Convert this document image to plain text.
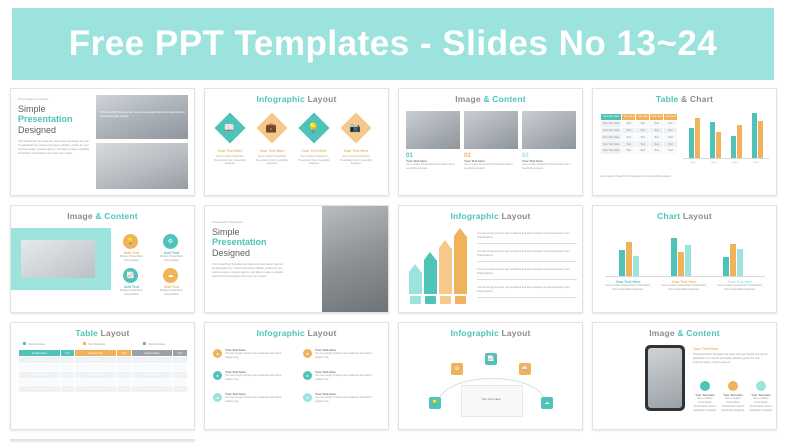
Free PPT Templates - Slides No 13~24
Presentation Designed
Simple
Presentation
Designed
This PowerPoint Template has clean and neat design that can be adjustable any content and easily editable, perfect for your business space, creative agency, and able to make a valuable PowerPoint Presentation that meet your needs.
This PowerPoint Template has clean and neat design that can be adjustable any content and easily editable.
Infographic Layout
📖	💼	💡	📷
Your Text Here
Get a modern PowerPoint Presentation that is beautifully designed.
Your Text Here
Get a modern PowerPoint Presentation that is beautifully designed.
Your Text Here
Get a modern PowerPoint Presentation that is beautifully designed.
Your Text Here
Get a modern PowerPoint Presentation that is beautifully designed.
Image & Content
01
Your Text Here
Get a modern PowerPoint Presentation that is beautifully designed.
02
Your Text Here
Get a modern PowerPoint Presentation that is beautifully designed.
03
Your Text Here
Get a modern PowerPoint Presentation that is beautifully designed.
Table & Chart
Your Text Here	Your Text	Your Text	Your Text	Your Text
Your Text Here	Text	Text	Text	Text
Your Text Here	Text	Text	Text	Text
Your Text Here	Text	Text	Text	Text
Your Text Here	Text	Text	Text	Text
Your Text Here	Text	Text	Text	Text
Get a modern PowerPoint Presentation that is beautifully designed.
Text 1	Text 2	Text 3	Text 4
Image & Content
💡	⚙
📈	☁
Add Text
Modern PowerPoint Presentation
Add Text
Modern PowerPoint Presentation
Add Text
Modern PowerPoint Presentation
Add Text
Modern PowerPoint Presentation
Presentation Designed
Simple
Presentation
Designed
This PowerPoint Template has clean and neat design that can be adjustable any content and easily editable, perfect for your business space, creative agency, and able to make a valuable PowerPoint Presentation that meet your needs.
Infographic Layout
You can simply impress your audience and add a unique zing and appeal to your Presentations.
You can simply impress your audience and add a unique zing and appeal to your Presentations.
You can simply impress your audience and add a unique zing and appeal to your Presentations.
You can simply impress your audience and add a unique zing and appeal to your Presentations.
Chart Layout
Your Text Here
Get a modern PowerPoint Presentation that is beautifully designed.
Your Text Here
Get a modern PowerPoint Presentation that is beautifully designed.
Your Text Here
Get a modern PowerPoint Presentation that is beautifully designed.
Table Layout
Your Text Here	Your Text Here	Your Text Here
Content Here	Text	Content Here	Text	Content Here	Text
Content Here	Text	Content Here	Text	Content Here	Text
Content Here	Text	Content Here	Text	Content Here	Text
Content Here	Text	Content Here	Text	Content Here	Text
Content Here	Text	Content Here	Text	Content Here	Text
Content Here	Text	Content Here	Text	Content Here	Text
Infographic Layout
●
Your Text Here
You can simply impress your audience and add a unique zing.
●
Your Text Here
You can simply impress your audience and add a unique zing.
●
Your Text Here
You can simply impress your audience and add a unique zing.
●
Your Text Here
You can simply impress your audience and add a unique zing.
●
Your Text Here
You can simply impress your audience and add a unique zing.
●
Your Text Here
You can simply impress your audience and add a unique zing.
Infographic Layout
💡
⚙
📈
📖
☁
Your Text Here
Image & Content
Your Text Here
This PowerPoint Template has clean and neat design that can be adjustable any content and easily editable, perfect for your business space, creative agency.
Your Text Here
Get a modern PowerPoint Presentation that is beautifully designed.
Your Text Here
Get a modern PowerPoint Presentation that is beautifully designed.
Your Text Here
Get a modern PowerPoint Presentation that is beautifully designed.
